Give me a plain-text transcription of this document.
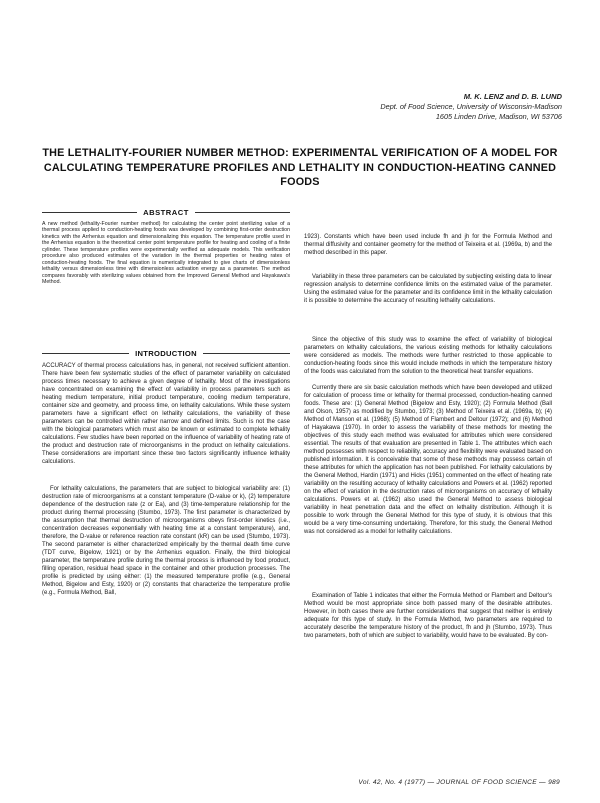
M. K. LENZ and D. B. LUND
Dept. of Food Science, University of Wisconsin-Madison
1605 Linden Drive, Madison, WI 53706
THE LETHALITY-FOURIER NUMBER METHOD: EXPERIMENTAL VERIFICATION OF A MODEL FOR CALCULATING TEMPERATURE PROFILES AND LETHALITY IN CONDUCTION-HEATING CANNED FOODS
ABSTRACT

A new method (lethality-Fourier number method) for calculating the center point sterilizing value of a thermal process applied to conduction-heating foods was developed by combining first-order destruction kinetics with the Arrhenius equation and dimensionalizing this equation. The temperature profile used in the Arrhenius equation is the theoretical center point temperature profile for heating and cooling of a finite cylinder. These temperature profiles were experimentally verified as adequate models. This verification procedure also produced estimates of the variation in the thermal properties or heating rates of conduction-heating foods. The final equation is numerically integrated to give charts of dimensionless lethality versus dimensionless time with dimensionless activation energy as a parameter. The method compares favorably with sterilizing values obtained from the Improved General Method and Hayakawa's Method.

INTRODUCTION

ACCURACY of thermal process calculations has, in general, not received sufficient attention. There have been few systematic studies of the effect of parameter variability on calculated process times necessary to achieve a given degree of lethality. Most of the investigations have concentrated on examining the effect of variability in process parameters such as heating medium temperature, initial product temperature, cooling medium temperature, container size and geometry, and process time, on lethality calculations. While these system parameters have a significant effect on lethality calculations, the variability of these parameters can be controlled within rather narrow and defined limits. Such is not the case with the biological parameters which must also be known or estimated to complete lethality calculations. Few studies have been reported on the influence of variability of heating rate of the product and destruction rate of microorganisms in the product on lethality calculations. These considerations are important since these two factors significantly influence lethality calculations.

For lethality calculations, the parameters that are subject to biological variability are: (1) destruction rate of microorganisms at a constant temperature (D-value or k), (2) temperature dependence of the destruction rate (z or Ea), and (3) time-temperature relationship for the product during thermal processing (Stumbo, 1973). The first parameter is characterized by the assumption that thermal destruction of microorganisms obeys first-order kinetics (i.e., concentration decreases exponentially with heating time at a constant temperature), and, therefore, the D-value or reference reaction rate constant (kR) can be used (Stumbo, 1973). The second parameter is either characterized empirically by the thermal death time curve (TDT curve, Bigelow, 1921) or by the Arrhenius equation. Finally, the third biological parameter, the temperature profile during the thermal process is influenced by food product, filling operation, residual head space in the container and other production processes. The profile is predicted by using either: (1) the measured temperature profile (e.g., General Method, Bigelow and Esty, 1920) or (2) constants that characterize the temperature profile (e.g., Formula Method, Ball,

1923). Constants which have been used include fh and jh for the Formula Method and thermal diffusivity and container geometry for the method of Teixeira et al. (1969a, b) and the method described in this paper.

Variability in these three parameters can be calculated by subjecting existing data to linear regression analysis to determine confidence limits on the estimated value of the parameter. Using the estimated value for the parameter and its confidence limit in the lethality calculation it is possible to determine the accuracy of resulting lethality calculations.

Since the objective of this study was to examine the effect of variability of biological parameters on lethality calculations, the various existing methods for lethality calculations were considered as models. The methods were further restricted to those applicable to conduction-heating foods since this would include methods in which the temperature history of the foods was calculated from the solution to the theoretical heat transfer equations.

Currently there are six basic calculation methods which have been developed and utilized for calculation of process time or lethality for thermal processed, conduction-heating canned foods. These are: (1) General Method (Bigelow and Esty, 1920); (2) Formula Method (Ball and Olson, 1957) as modified by Stumbo, 1973; (3) Method of Teixeira et al. (1969a, b); (4) Method of Manson et al. (1968); (5) Method of Flambert and Deltour (1972); and (6) Method of Hayakawa (1970). In order to assess the variability of these methods for meeting the objectives of this study each method was evaluated for attributes which were considered essential. The results of that evaluation are presented in Table 1. The attributes which each method possesses with respect to reliability, accuracy and flexibility were evaluated based on published information. It is conceivable that some of these methods may possess certain of these attributes for which the application has not been published. For lethality calculations by the General Method, Hardin (1971) and Hicks (1951) commented on the effect of heating rate variability on the resulting accuracy of lethality calculations and Powers et al. (1962) reported on the effect of variation in the destruction rates of microorganisms on accuracy of lethality calculations. Powers et al. (1962) also used the General Method to assess biological variability in heat penetration data and the effect on lethality distribution. Although it is possible to work through the General Method for this type of study, it is obvious that this would be a very time-consuming undertaking. Therefore, for this study, the General Method was not considered as a model for lethality calculations.

Examination of Table 1 indicates that either the Formula Method or Flambert and Deltour's Method would be most appropriate since both passed many of the desirable attributes. However, in both cases there are further considerations that suggest that neither is entirely adequate for this type of study. In the Formula Method, two parameters are required to accurately describe the temperature history of the product, fh and jh (Stumbo, 1973). Thus two parameters, both of which are subject to variability, would have to be evaluated. By con-

Vol. 42, No. 4 (1977) — JOURNAL OF FOOD SCIENCE — 989
